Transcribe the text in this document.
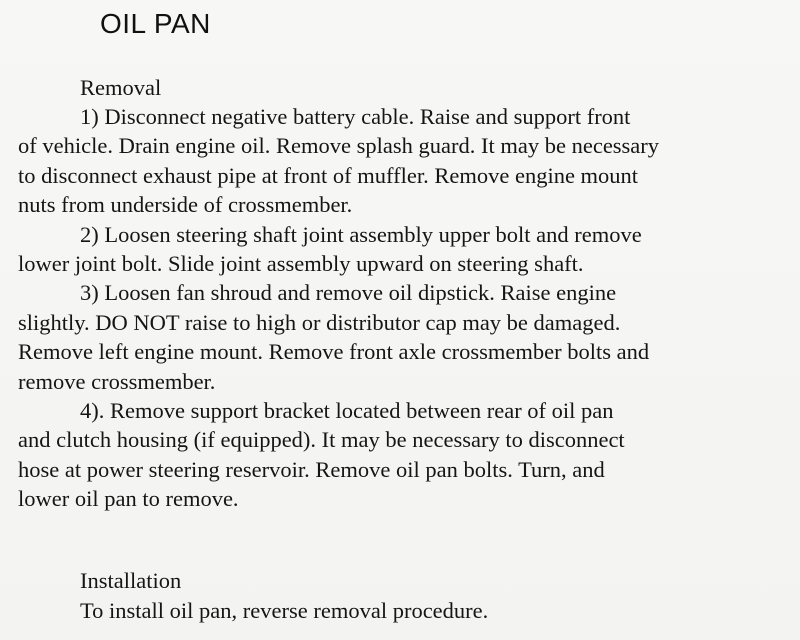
OIL PAN
Removal
1) Disconnect negative battery cable. Raise and support front
of vehicle. Drain engine oil. Remove splash guard. It may be necessary
to disconnect exhaust pipe at front of muffler. Remove engine mount
nuts from underside of crossmember.
2) Loosen steering shaft joint assembly upper bolt and remove
lower joint bolt. Slide joint assembly upward on steering shaft.
3) Loosen fan shroud and remove oil dipstick. Raise engine
slightly. DO NOT raise to high or distributor cap may be damaged.
Remove left engine mount. Remove front axle crossmember bolts and
remove crossmember.
4). Remove support bracket located between rear of oil pan
and clutch housing (if equipped). It may be necessary to disconnect
hose at power steering reservoir. Remove oil pan bolts. Turn, and
lower oil pan to remove.
Installation
To install oil pan, reverse removal procedure.
